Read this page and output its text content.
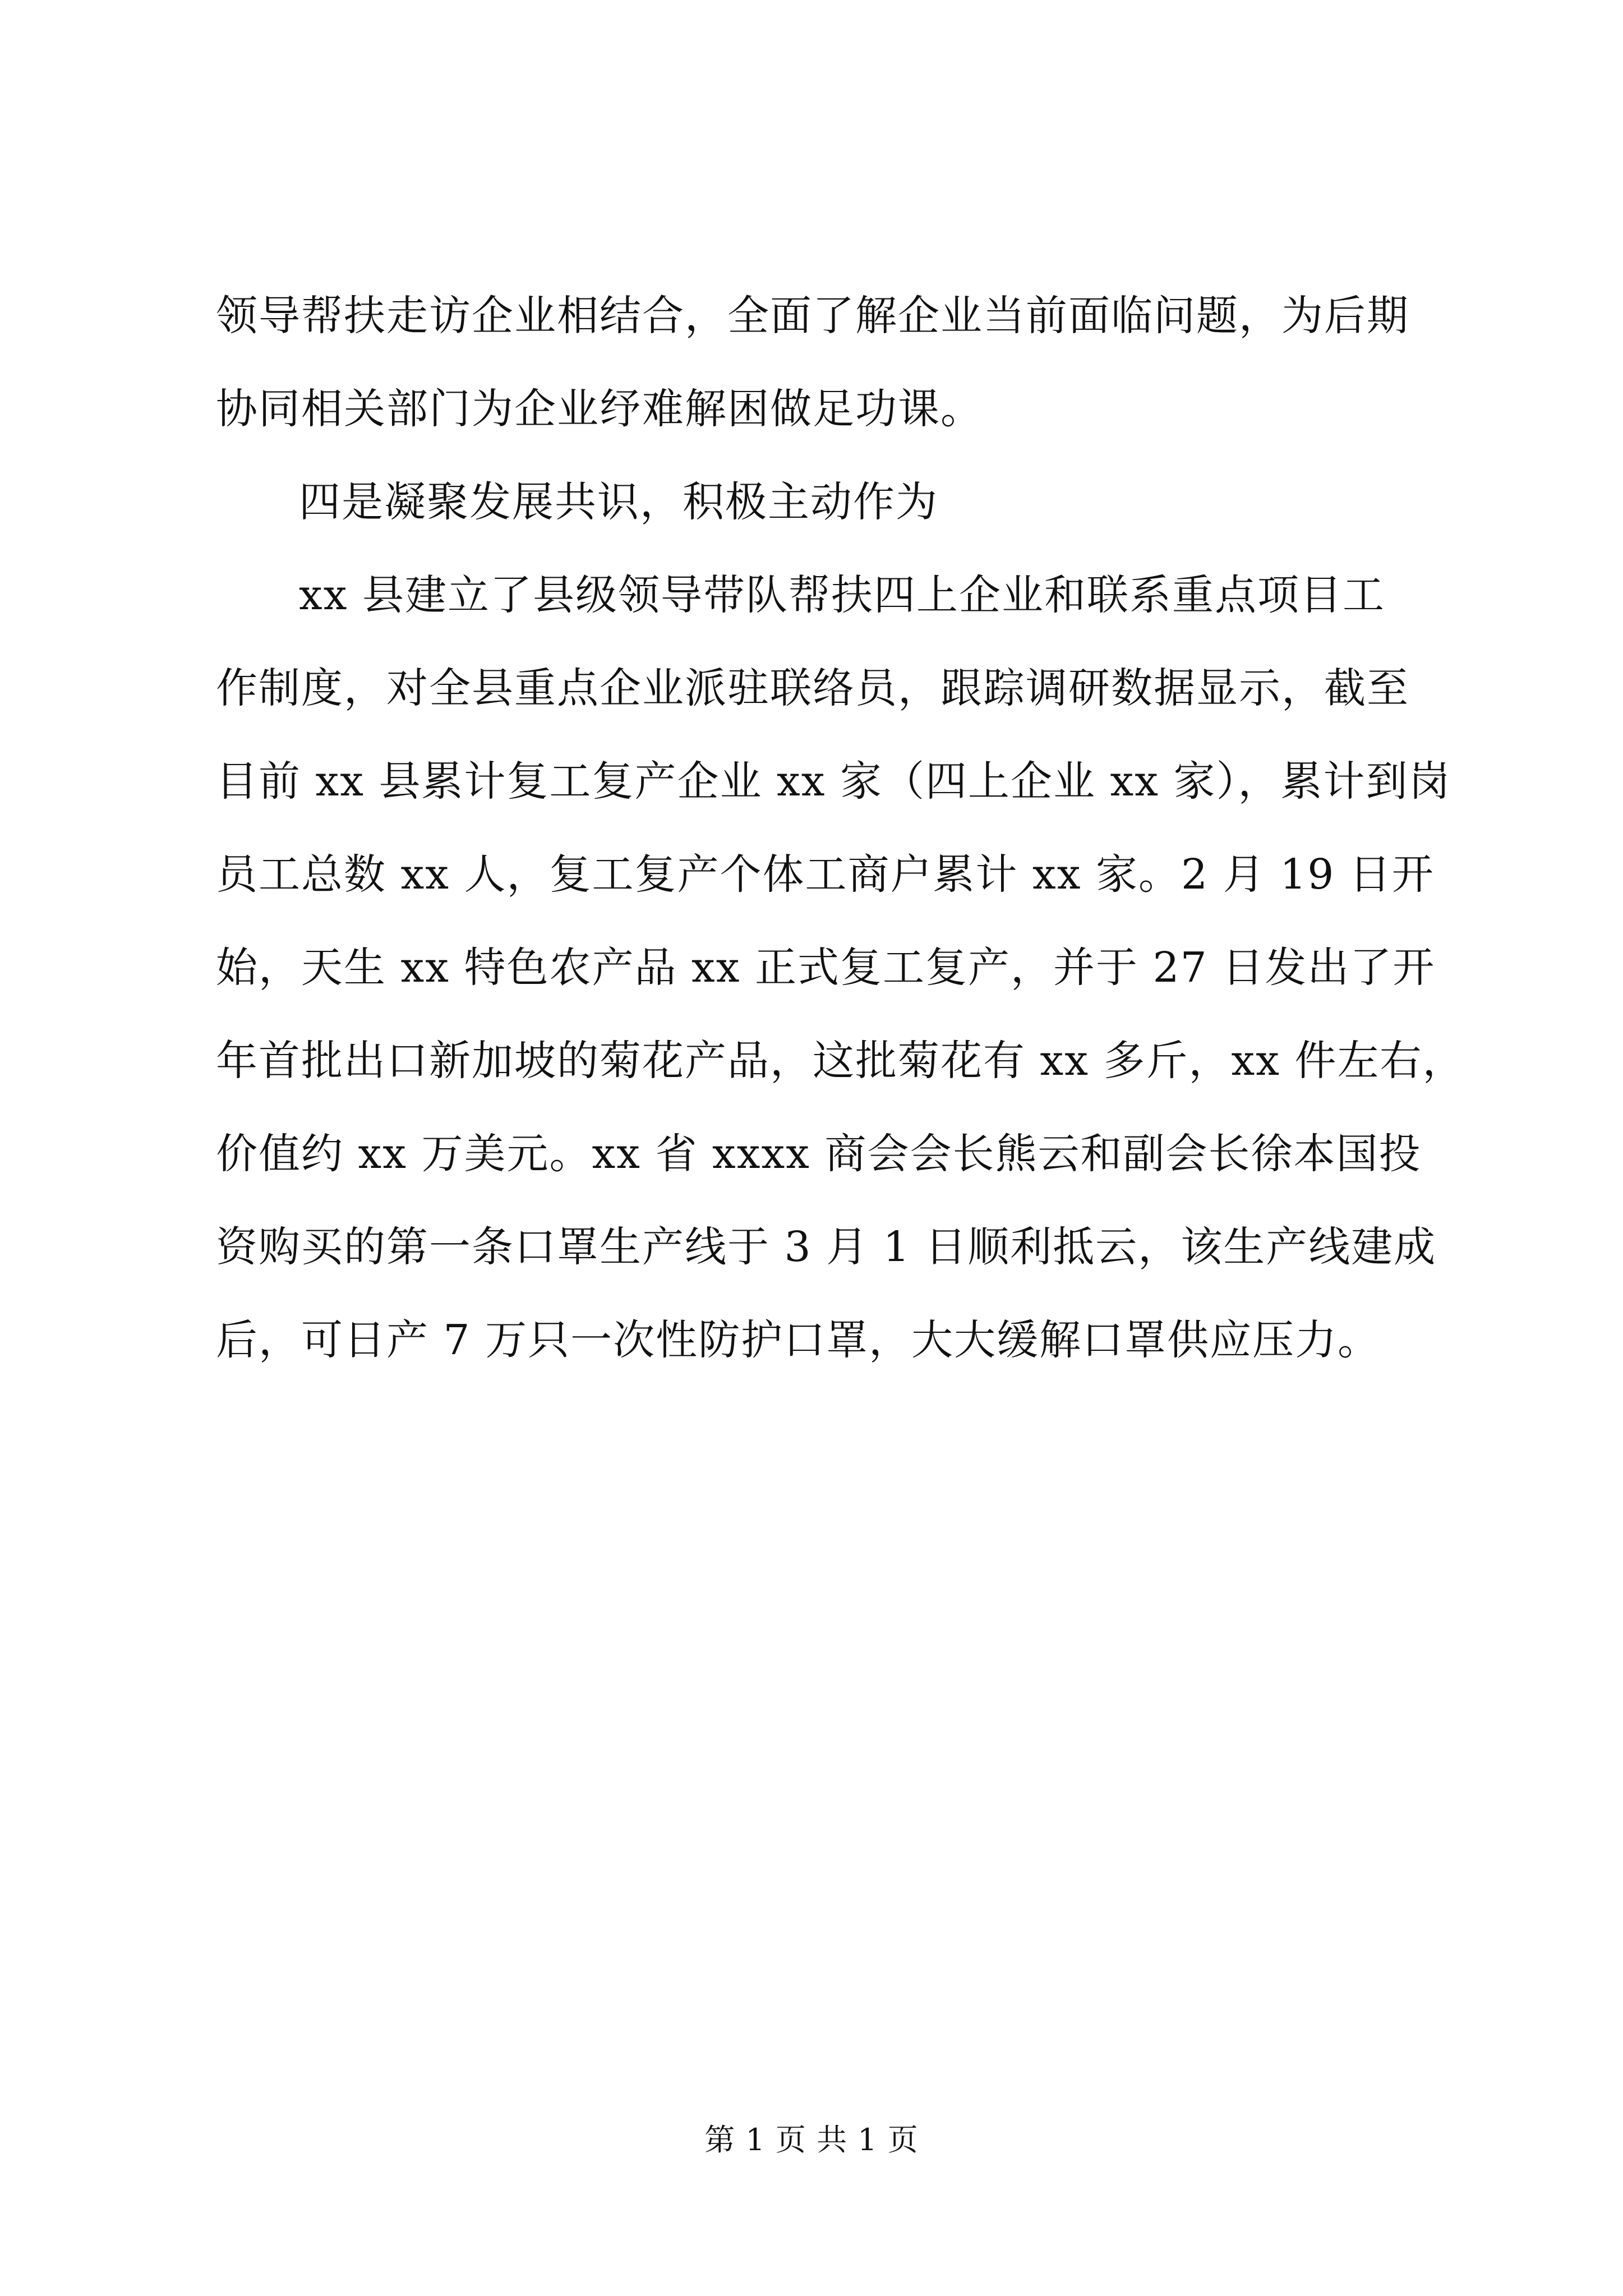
领导帮扶走访企业相结合，全面了解企业当前面临问题，为后期
协同相关部门为企业纾难解困做足功课。
四是凝聚发展共识，积极主动作为
xx 县建立了县级领导带队帮扶四上企业和联系重点项目工
作制度，对全县重点企业派驻联络员，跟踪调研数据显示，截至
目前 xx 县累计复工复产企业 xx 家（四上企业 xx 家），累计到岗
员工总数 xx 人，复工复产个体工商户累计 xx 家。2 月 19 日开
始，天生 xx 特色农产品 xx 正式复工复产，并于 27 日发出了开
年首批出口新加坡的菊花产品，这批菊花有 xx 多斤，xx 件左右，
价值约 xx 万美元。xx 省 xxxx 商会会长熊云和副会长徐本国投
资购买的第一条口罩生产线于 3 月 1 日顺利抵云，该生产线建成
后，可日产 7 万只一次性防护口罩，大大缓解口罩供应压力。
第 1 页 共 1 页
